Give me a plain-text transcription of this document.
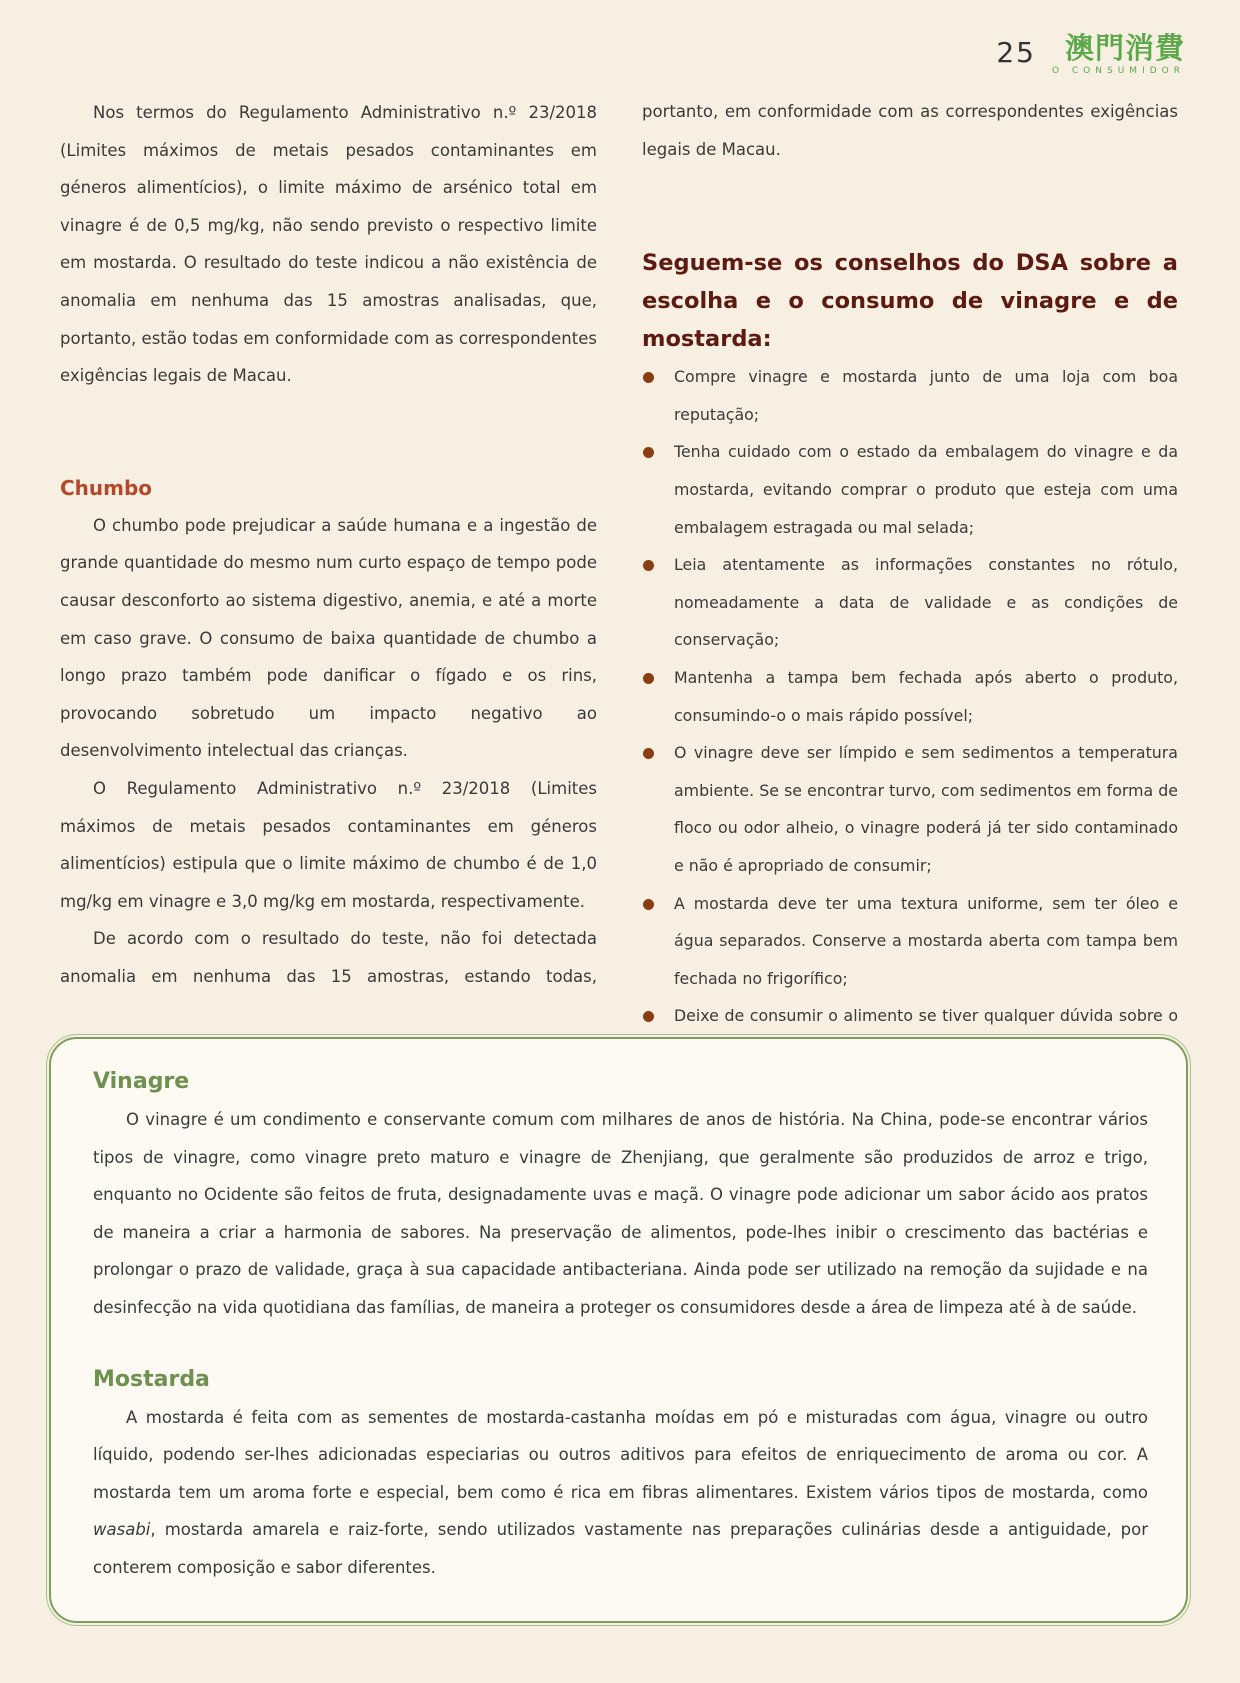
25 澳門消費
O CONSUMIDOR

Nos termos do Regulamento Administrativo n.º 23/2018 (Limites máximos de metais pesados contaminantes em géneros alimentícios), o limite máximo de arsénico total em vinagre é de 0,5 mg/kg, não sendo previsto o respectivo limite em mostarda. O resultado do teste indicou a não existência de anomalia em nenhuma das 15 amostras analisadas, que, portanto, estão todas em conformidade com as correspondentes exigências legais de Macau.

Chumbo

O chumbo pode prejudicar a saúde humana e a ingestão de grande quantidade do mesmo num curto espaço de tempo pode causar desconforto ao sistema digestivo, anemia, e até a morte em caso grave. O consumo de baixa quantidade de chumbo a longo prazo também pode danificar o fígado e os rins, provocando sobretudo um impacto negativo ao desenvolvimento intelectual das crianças.

O Regulamento Administrativo n.º 23/2018 (Limites máximos de metais pesados contaminantes em géneros alimentícios) estipula que o limite máximo de chumbo é de 1,0 mg/kg em vinagre e 3,0 mg/kg em mostarda, respectivamente.

De acordo com o resultado do teste, não foi detectada anomalia em nenhuma das 15 amostras, estando todas,

portanto, em conformidade com as correspondentes exigências legais de Macau.

Seguem-se os conselhos do DSA sobre a escolha e o consumo de vinagre e de mostarda:
Compre vinagre e mostarda junto de uma loja com boa reputação;
Tenha cuidado com o estado da embalagem do vinagre e da mostarda, evitando comprar o produto que esteja com uma embalagem estragada ou mal selada;
Leia atentamente as informações constantes no rótulo, nomeadamente a data de validade e as condições de conservação;
Mantenha a tampa bem fechada após aberto o produto, consumindo-o o mais rápido possível;
O vinagre deve ser límpido e sem sedimentos a temperatura ambiente. Se se encontrar turvo, com sedimentos em forma de floco ou odor alheio, o vinagre poderá já ter sido contaminado e não é apropriado de consumir;
A mostarda deve ter uma textura uniforme, sem ter óleo e água separados. Conserve a mostarda aberta com tampa bem fechada no frigorífico;
Deixe de consumir o alimento se tiver qualquer dúvida sobre o
Vinagre

O vinagre é um condimento e conservante comum com milhares de anos de história. Na China, pode-se encontrar vários tipos de vinagre, como vinagre preto maturo e vinagre de Zhenjiang, que geralmente são produzidos de arroz e trigo, enquanto no Ocidente são feitos de fruta, designadamente uvas e maçã. O vinagre pode adicionar um sabor ácido aos pratos de maneira a criar a harmonia de sabores. Na preservação de alimentos, pode-lhes inibir o crescimento das bactérias e prolongar o prazo de validade, graça à sua capacidade antibacteriana. Ainda pode ser utilizado na remoção da sujidade e na desinfecção na vida quotidiana das famílias, de maneira a proteger os consumidores desde a área de limpeza até à de saúde.

Mostarda

A mostarda é feita com as sementes de mostarda-castanha moídas em pó e misturadas com água, vinagre ou outro líquido, podendo ser-lhes adicionadas especiarias ou outros aditivos para efeitos de enriquecimento de aroma ou cor. A mostarda tem um aroma forte e especial, bem como é rica em fibras alimentares. Existem vários tipos de mostarda, como wasabi, mostarda amarela e raiz-forte, sendo utilizados vastamente nas preparações culinárias desde a antiguidade, por conterem composição e sabor diferentes.
